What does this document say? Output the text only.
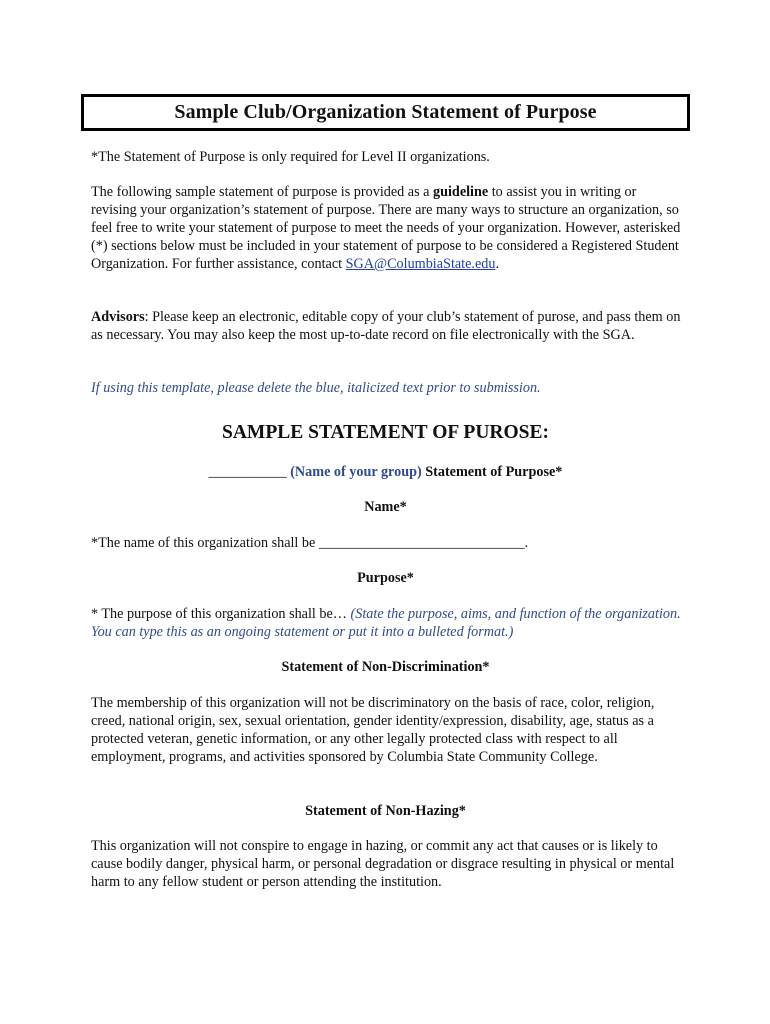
Sample Club/Organization Statement of Purpose
*The Statement of Purpose is only required for Level II organizations.
The following sample statement of purpose is provided as a guideline to assist you in writing or revising your organization’s statement of purpose. There are many ways to structure an organization, so feel free to write your statement of purpose to meet the needs of your organization. However, asterisked (*) sections below must be included in your statement of purpose to be considered a Registered Student Organization. For further assistance, contact SGA@ColumbiaState.edu.
Advisors: Please keep an electronic, editable copy of your club’s statement of purose, and pass them on as necessary. You may also keep the most up-to-date record on file electronically with the SGA.
If using this template, please delete the blue, italicized text prior to submission.
SAMPLE STATEMENT OF PUROSE:
___________ (Name of your group) Statement of Purpose*
Name*
*The name of this organization shall be _____________________________.
Purpose*
* The purpose of this organization shall be… (State the purpose, aims, and function of the organization. You can type this as an ongoing statement or put it into a bulleted format.)
Statement of Non-Discrimination*
The membership of this organization will not be discriminatory on the basis of race, color, religion, creed, national origin, sex, sexual orientation, gender identity/expression, disability, age, status as a protected veteran, genetic information, or any other legally protected class with respect to all employment, programs, and activities sponsored by Columbia State Community College.
Statement of Non-Hazing*
This organization will not conspire to engage in hazing, or commit any act that causes or is likely to cause bodily danger, physical harm, or personal degradation or disgrace resulting in physical or mental harm to any fellow student or person attending the institution.
